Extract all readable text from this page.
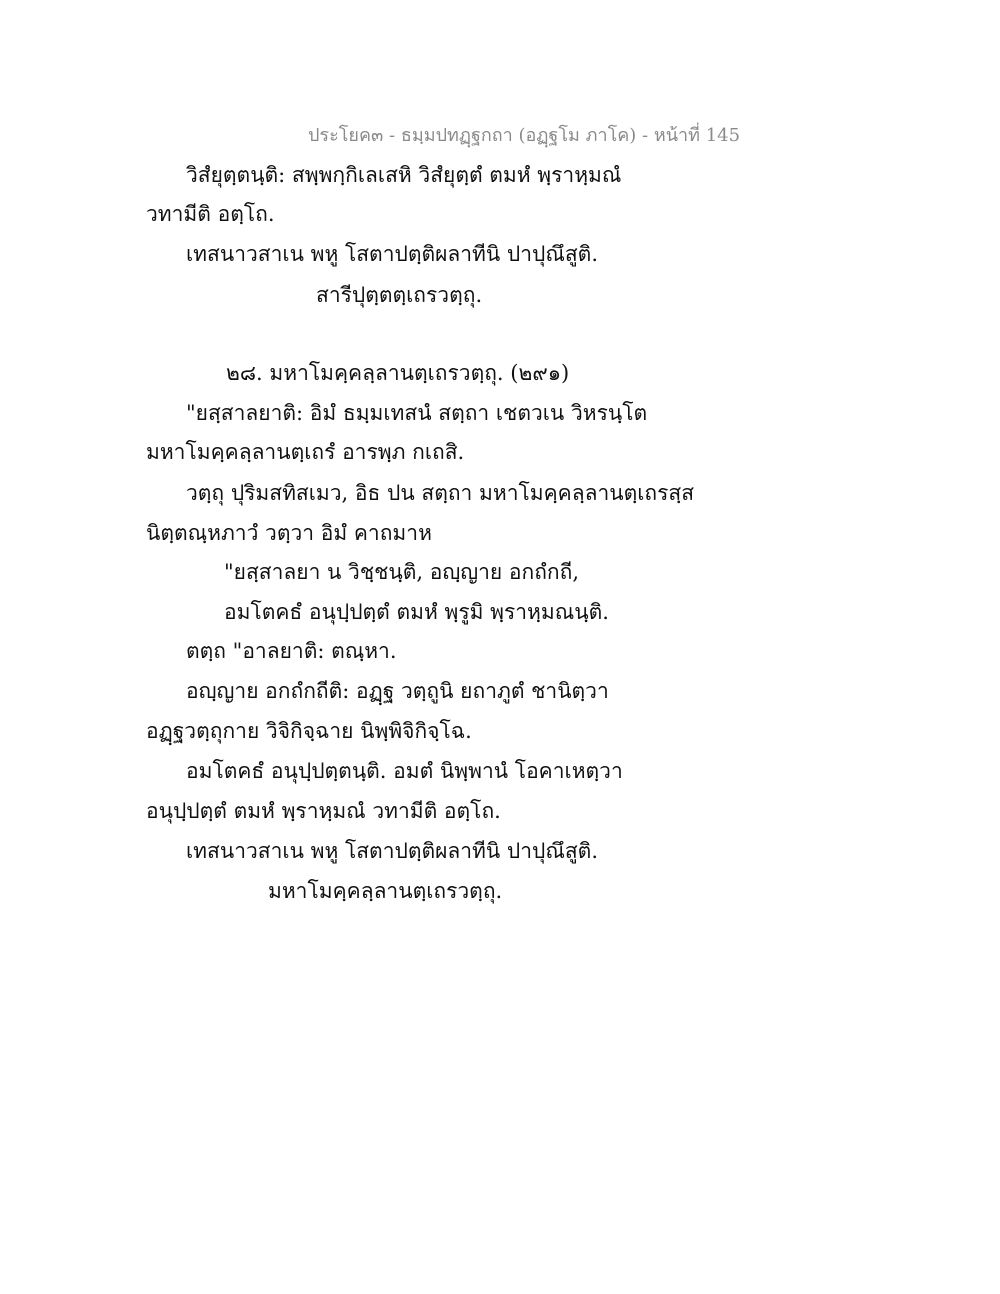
ประโยค๓ - ธมฺมปทฏฺฐกถา (อฏฺฐโม ภาโค) - หน้าที่ 145
วิสํยุตฺตนฺติ: สพฺพกฺกิเลเสหิ วิสํยุตฺตํ ตมหํ พฺราหฺมณํ
วทามีติ อตฺโถ.
เทสนาวสาเน พหู โสตาปตฺติผลาทีนิ ปาปุณึสูติ.
สารีปุตฺตตฺเถรวตฺถุ.
๒๘. มหาโมคฺคลฺลานตฺเถรวตฺถุ. (๒๙๑)
"ยสฺสาลยาติ: อิมํ ธมฺมเทสนํ สตฺถา เชตวเน วิหรนฺโต
มหาโมคฺคลฺลานตฺเถรํ อารพฺภ กเถสิ.
วตฺถุ ปุริมสทิสเมว, อิธ ปน สตฺถา มหาโมคฺคลฺลานตฺเถรสฺส
นิตฺตณฺหภาวํ วตฺวา อิมํ คาถมาห
"ยสฺสาลยา น วิชฺชนฺติ, อญฺญาย อกถํกถี,
อมโตคธํ อนุปฺปตฺตํ ตมหํ พฺรูมิ พฺราหฺมณนฺติ.
ตตฺถ "อาลยาติ: ตณฺหา.
อญฺญาย อกถํกถีติ: อฏฺฐ วตฺถูนิ ยถาภูตํ ชานิตฺวา
อฏฺฐวตฺถุกาย วิจิกิจฺฉาย นิพฺพิจิกิจฺโฉ.
อมโตคธํ อนุปฺปตฺตนฺติ. อมตํ นิพฺพานํ โอคาเหตฺวา
อนุปฺปตฺตํ ตมหํ พฺราหฺมณํ วทามีติ อตฺโถ.
เทสนาวสาเน พหู โสตาปตฺติผลาทีนิ ปาปุณึสูติ.
มหาโมคฺคลฺลานตฺเถรวตฺถุ.
